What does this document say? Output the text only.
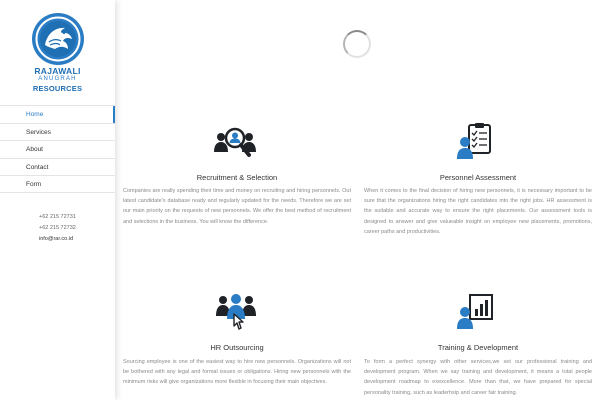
RAJAWALI
ANUGRAH
RESOURCES
Home
Services
About
Contact
Form
+62 215 72731
+62 215 72732
info@rar.co.id
Recruitment & Selection
Companies are really spending their time and money on recruiting and hiring personnels. Out latest candidate's database ready and regularly updated for the needs. Therefore we are set our main priority on the requests of new personnels. We offer the best method of recruitment and selections in the business. You will know the difference.
Personnel Assessment
When it comes to the final decision of hiring new personnels, it is necessary important to be sure that the organizations hiring the right candidates into the right jobs. HR assessment is the suitable and accurate way to ensure the right placements. Our assessment tools is designed to answer and give valueable insight on employee new placements, promotions, career paths and productivities.
HR Outsourcing
Sourcing employee is one of the easiest way to hire new personnels. Organizations will not be bothered with any legal and formal issues or obligations. Hiring new personnels with the minimum risks will give organizations more flexible in focusing their main objectives.
Training & Development
To form a perfect synergy with other services,we set our professional training and development program. When we say training and development, it means a total people development roadmap to exexcellence. More than that, we have prepared for special personality training, such as leaderhsip and career fair training.
